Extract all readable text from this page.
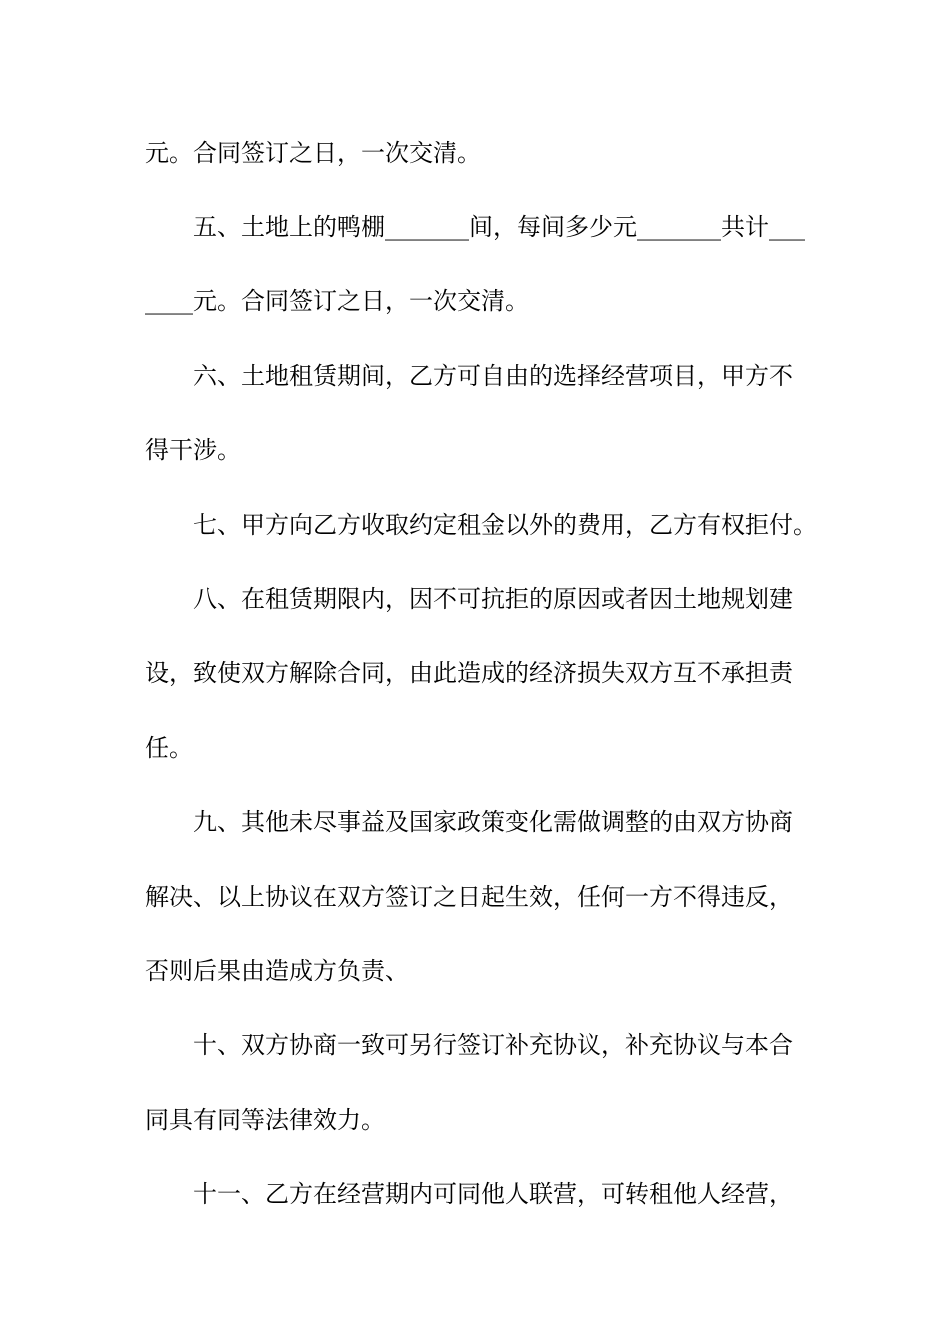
元。合同签订之日，一次交清。
五、土地上的鸭棚_______间，每间多少元_______共计___
____元。合同签订之日，一次交清。
六、土地租赁期间，乙方可自由的选择经营项目，甲方不
得干涉。
七、甲方向乙方收取约定租金以外的费用，乙方有权拒付。
八、在租赁期限内，因不可抗拒的原因或者因土地规划建
设，致使双方解除合同，由此造成的经济损失双方互不承担责
任。
九、其他未尽事益及国家政策变化需做调整的由双方协商
解决、以上协议在双方签订之日起生效，任何一方不得违反，
否则后果由造成方负责、
十、双方协商一致可另行签订补充协议，补充协议与本合
同具有同等法律效力。
十一、乙方在经营期内可同他人联营，可转租他人经营，
